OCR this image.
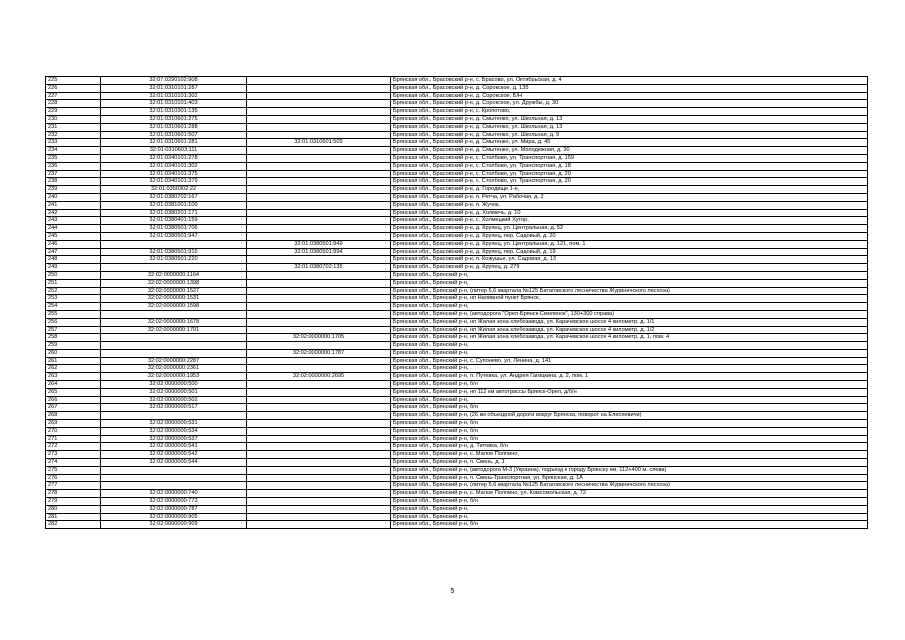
225	32:07:0290102:908		Брянская обл., Брасовский р-н, с. Брасово, ул. Октябрьская, д. 4
226	32:01:0310101:287		Брянская обл., Брасовский р-н, д. Сорокское, д. 135
227	32:01:0310101:302		Брянская обл., Брасовский р-н, д. Сорокское, Б/Н
228	32:01:0310101:403		Брянская обл., Брасовский р-н, д. Сорокское, ул. Дружбы, д. 30
229	32:01:0310301:135		Брянская обл., Брасовский р-н, с. Кропотово,
230	32:01:0310601:275		Брянская обл., Брасовский р-н, д. Смытенко, ул. Школьная, д. 13
231	32:01:0310601:288		Брянская обл., Брасовский р-н, д. Смытенко, ул. Школьная, д. 13
232	32:01:0310601:507		Брянская обл., Брасовский р-н, д. Смытенко, ул. Школьная, д. 9
233	32:01:0310601:281	32:01:0310601:509	Брянская обл., Брасовский р-н, д. Смытенко, ул. Мира, д. 45
234	32:01:0310603:111		Брянская обл., Брасовский р-н, д. Смытенко, ул. Молодежная, д. 30
235	32:01:0340101:278		Брянская обл., Брасовский р-н, с. Столбово, ул. Транспортная, д. 159
236	32:01:0340101:302		Брянская обл., Брасовский р-н, с. Столбово, ул. Транспортная, д. 18
237	32:01:0340101:375		Брянская обл., Брасовский р-н, с. Столбово, ул. Транспортная, д. 20
238	32:01:0340101:379		Брянская обл., Брасовский р-н, с. Столбово, ул. Транспортная, д. 20
239	32:01:0350302:22		Брянская обл., Брасовский р-н, д. Городище 1-е,
240	32:01:0380702:167		Брянская обл., Брасовский р-н, п. Ретча, ул. Рабочая, д. 2
241	32:01:0381001:100		Брянская обл., Брасовский р-н, п. Жучок,
242	32:01:0380201:171		Брянская обл., Брасовский р-н, д. Холмечь, д. 10
243	32:01:0380401:159		Брянская обл., Брасовский р-н, с. Холмецкий Хутор,
244	32:01:0380501:706		Брянская обл., Брасовский р-н, д. Крупец, ул. Центральная, д. 52
245	32:01:0380501:947		Брянская обл., Брасовский р-н, д. Крупец, пер. Садовый, д. 20
246		32:01:0380501:949	Брянская обл., Брасовский р-н, д. Крупец, ул. Центральная, д. 121, пом. 1
247	32:01:0380501:915	32:01:0380501:994	Брянская обл., Брасовский р-н, д. Крупец, пер. Садовый, д. 19
248	32:01:0380501:220		Брянская обл., Брасовский р-н, п. Кожушье, ул. Садовая, д. 13
249		32:01:0380702:135	Брянская обл., Брасовский р-н, д. Крупец, д. 279
250	32:02:0000000:1164		Брянская обл., Брянский р-н,
251	32:02:0000000:1398		Брянская обл., Брянский р-н,
252	32:02:0000000:1527		Брянская обл., Брянский р-н, (литер 5,6 квартала №125 Батаговского лесничества Журиничского лесхоза)
253	32:02:0000000:1531		Брянская обл., Брянский р-н, нп Наливной пункт Брянск,
254	32:02:0000000:1598		Брянская обл., Брянский р-н,
255			Брянская обл., Брянский р-н, (автодорога "Орел-Брянск-Смоленск", 130+300 справа)
256	32:02:0000000:1678		Брянская обл., Брянский р-н, нп Жилая зона хлебозавода, ул. Карачевское шоссе 4 километр, д. 1/1
257	32:02:0000000:1701		Брянская обл., Брянский р-н, нп Жилая зона хлебозавода, ул. Карачевское шоссе 4 километр, д. 1/2
258		32:02:0000000:1705	Брянская обл., Брянский р-н, нп Жилая зона хлебозавода, ул. Карачевское шоссе 4 километр, д. 1, пом. 4
259			Брянская обл., Брянский р-н,
260		32:02:0000000:1787	Брянская обл., Брянский р-н,
261	32:02:0000000:2287		Брянская обл., Брянский р-н, с. Супонево, ул. Ленина, д. 141
262	32:02:0000000:2361		Брянская обл., Брянский р-н,
263	32:02:0000000:1953	32:02:0000000:2695	Брянская обл., Брянский р-н, п. Путевка, ул. Андрея Гагицкина, д. 2, пом. 1
264	32:02:0000000:500		Брянская обл., Брянский р-н, б/н
265	32:02:0000000:501		Брянская обл., Брянский р-н, нп 112 км автотрассы Брянск-Орел, д/б/н
266	32:02:0000000:502		Брянская обл., Брянский р-н,
267	32:02:0000000:517		Брянская обл., Брянский р-н, б/н
268			Брянская обл., Брянский р-н, (26 км объездной дороги вокруг Брянска, поворот на Елисеевичи)
269	32:02:0000000:531		Брянская обл., Брянский р-н, б/н
270	32:02:0000000:534		Брянская обл., Брянский р-н, б/н
271	32:02:0000000:537		Брянская обл., Брянский р-н, б/н
272	32:02:0000000:541		Брянская обл., Брянский р-н, д. Титовка, б/н
273	32:02:0000000:542		Брянская обл., Брянский р-н, с. Малое Полпино,
274	32:02:0000000:544		Брянская обл., Брянский р-н, п. Свень, д. 1
275			Брянская обл., Брянский р-н, (автодорога М-3 (Украина), подъезд к городу Брянску км. 112+400 м. слева)
276			Брянская обл., Брянский р-н, п. Свень-Транспортная, ул. Брянская, д. 1А
277			Брянская обл., Брянский р-н, (литер 5,6 квартала №125 Батаговского лесничества Журиничского лесхоза)
278	32:02:0000000:740		Брянская обл., Брянский р-н, с. Малое Полпино, ул. Комсомольская, д. 72
279	32:02:0000000:773		Брянская обл., Брянский р-н, б/н
280	32:02:0000000:787		Брянская обл., Брянский р-н,
281	32:02:0000000:905		Брянская обл., Брянский р-н,
282	32:02:0000000:909		Брянская обл., Брянский р-н, б/н
5
